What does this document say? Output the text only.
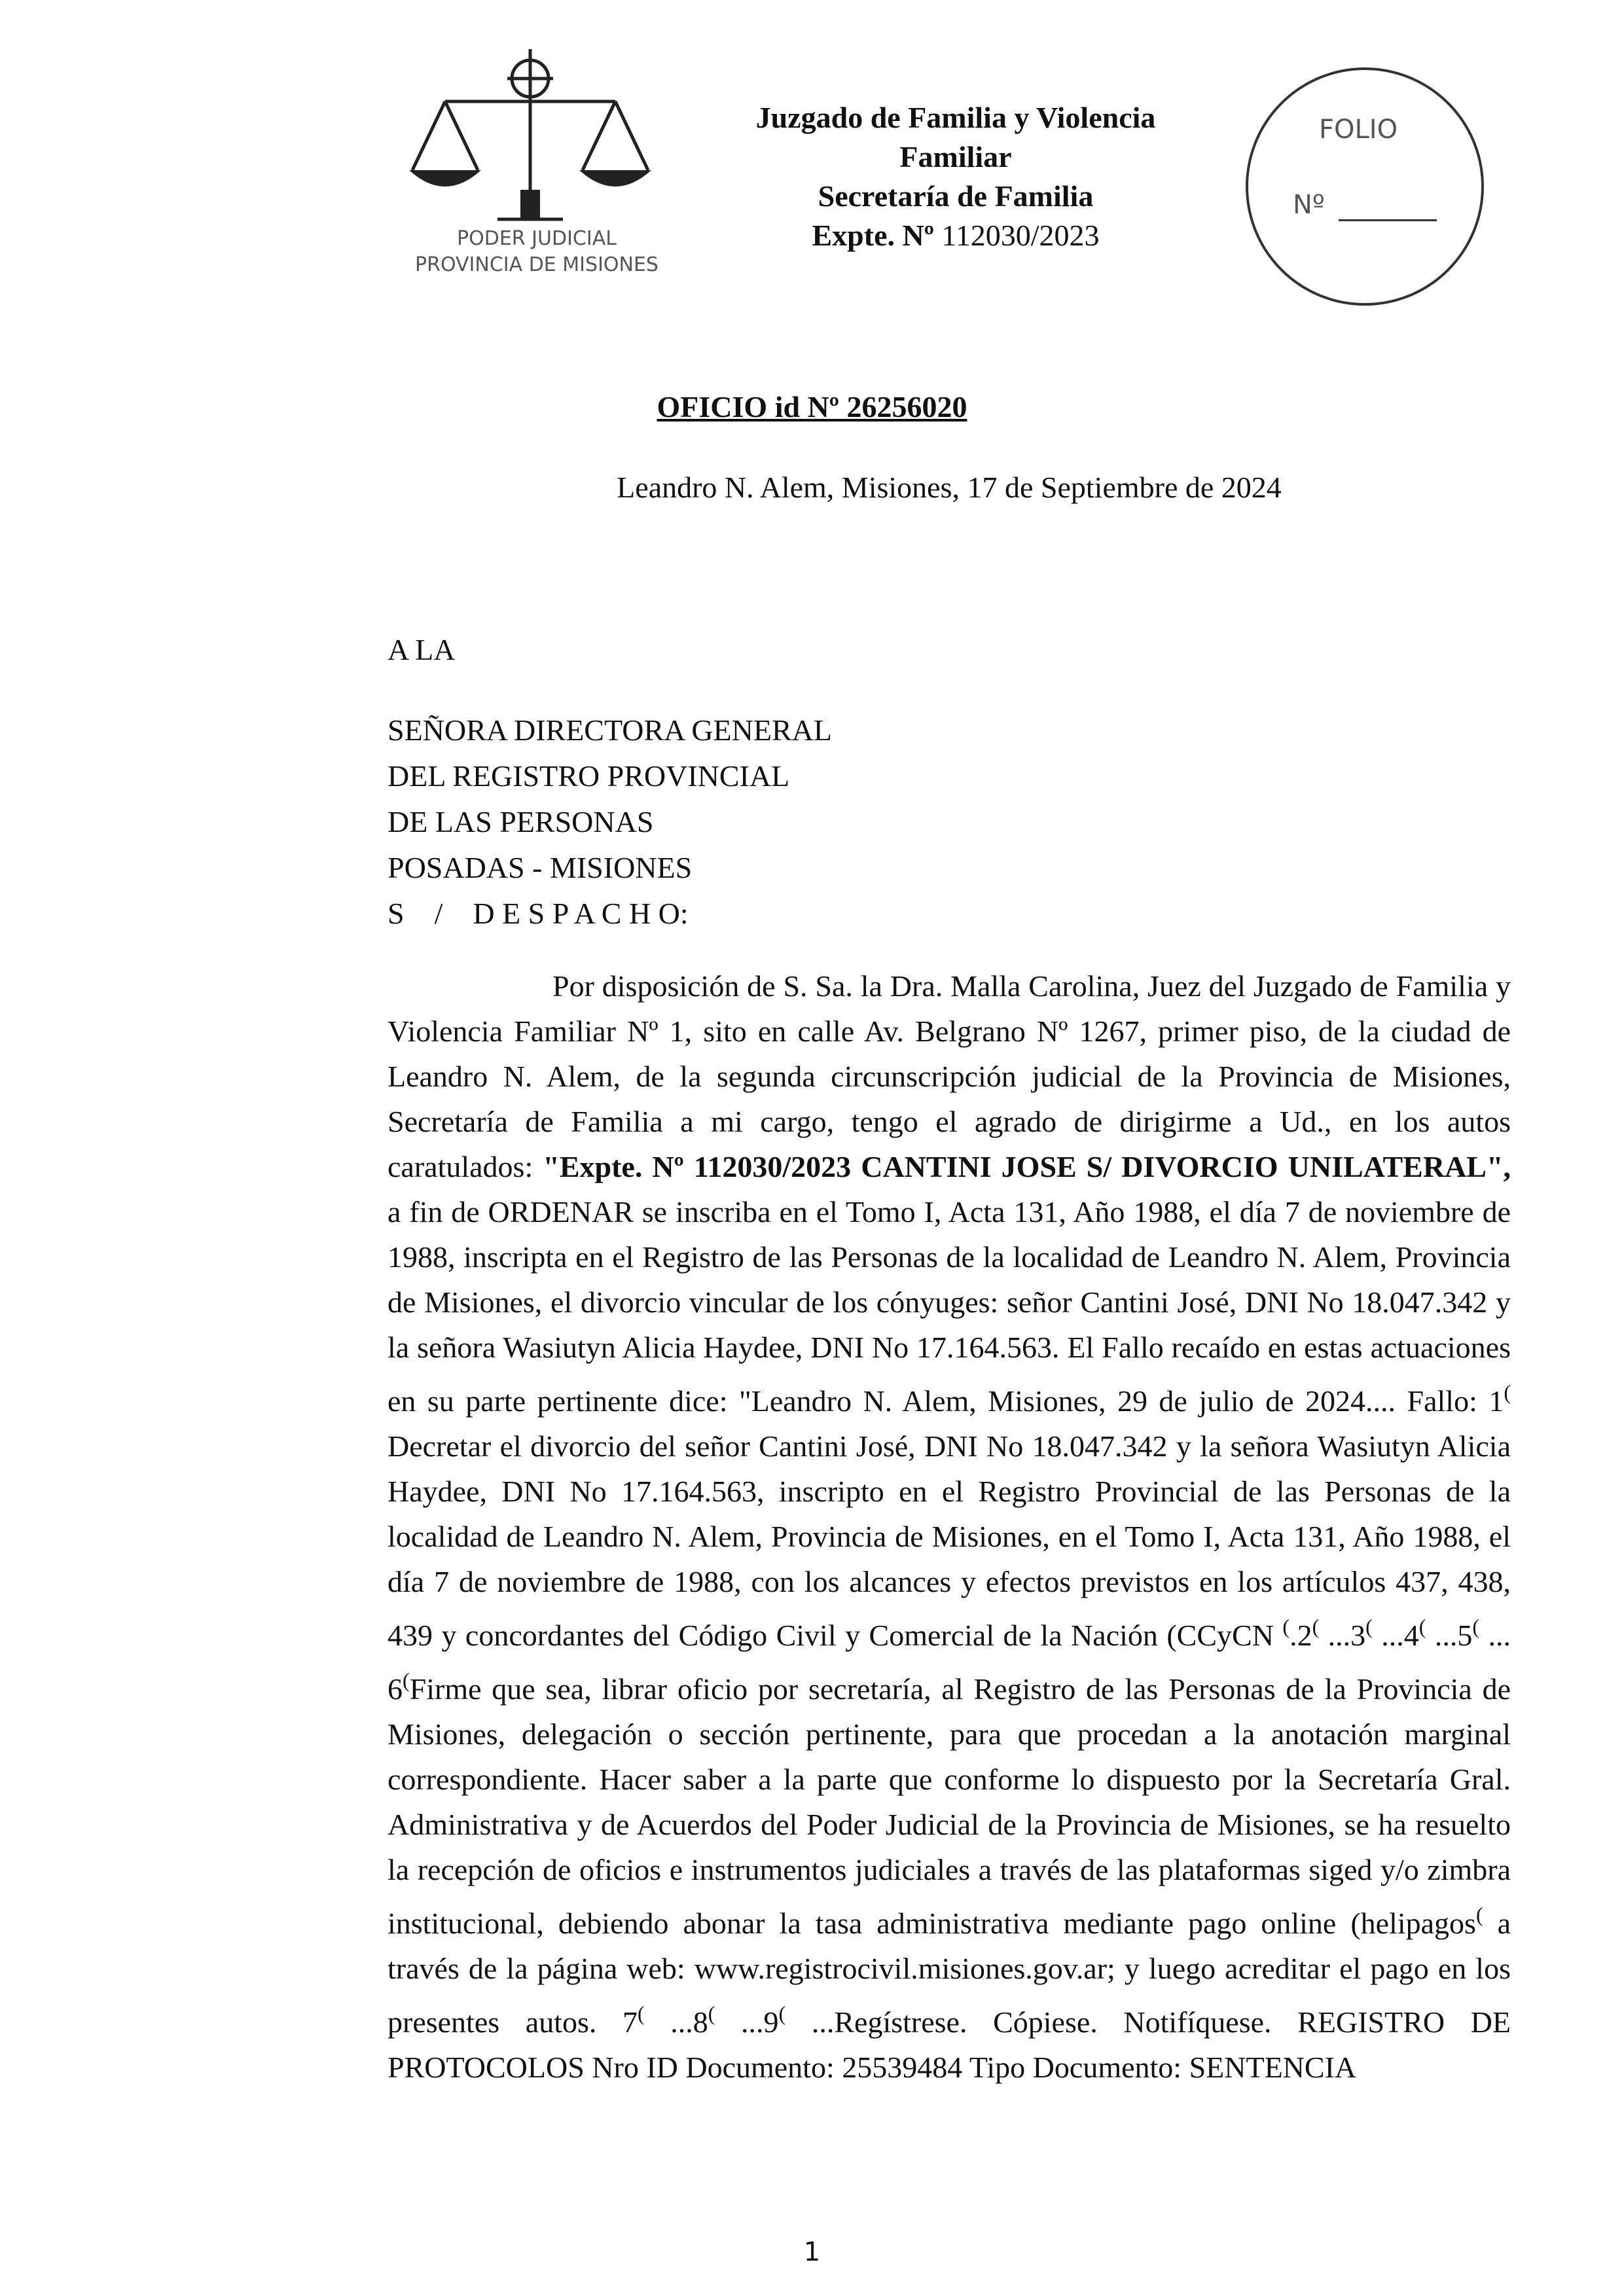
PODER JUDICIAL
PROVINCIA DE MISIONES
Juzgado de Familia y Violencia
Familiar
Secretaría de Familia
Expte. Nº 112030/2023
FOLIO
Nº
OFICIO id Nº 26256020
Leandro N. Alem, Misiones, 17 de Septiembre de 2024
A LA
SEÑORA DIRECTORA GENERAL
DEL REGISTRO PROVINCIAL
DE LAS PERSONAS
POSADAS - MISIONES
S    /    D E S P A C H O:
Por disposición de S. Sa. la Dra. Malla Carolina, Juez del Juzgado de Familia y Violencia Familiar Nº 1, sito en calle Av. Belgrano Nº 1267, primer piso, de la ciudad de Leandro N. Alem, de la segunda circunscripción judicial de la Provincia de Misiones, Secretaría de Familia a mi cargo, tengo el agrado de dirigirme a Ud., en los autos caratulados: "Expte. Nº 112030/2023 CANTINI JOSE S/ DIVORCIO UNILATERAL", a fin de ORDENAR se inscriba en el Tomo I, Acta 131, Año 1988, el día 7 de noviembre de 1988, inscripta en el Registro de las Personas de la localidad de Leandro N. Alem, Provincia de Misiones, el divorcio vincular de los cónyuges: señor Cantini José, DNI No 18.047.342 y la señora Wasiutyn Alicia Haydee, DNI No 17.164.563. El Fallo recaído en estas actuaciones en su parte pertinente dice: "Leandro N. Alem, Misiones, 29 de julio de 2024.... Fallo: 1( Decretar el divorcio del señor Cantini José, DNI No 18.047.342 y la señora Wasiutyn Alicia Haydee, DNI No 17.164.563, inscripto en el Registro Provincial de las Personas de la localidad de Leandro N. Alem, Provincia de Misiones, en el Tomo I, Acta 131, Año 1988, el día 7 de noviembre de 1988, con los alcances y efectos previstos en los artículos 437, 438, 439 y concordantes del Código Civil y Comercial de la Nación (CCyCN (.2( ...3( ...4( ...5( ... 6(Firme que sea, librar oficio por secretaría, al Registro de las Personas de la Provincia de Misiones, delegación o sección pertinente, para que procedan a la anotación marginal correspondiente. Hacer saber a la parte que conforme lo dispuesto por la Secretaría Gral. Administrativa y de Acuerdos del Poder Judicial de la Provincia de Misiones, se ha resuelto la recepción de oficios e instrumentos judiciales a través de las plataformas siged y/o zimbra institucional, debiendo abonar la tasa administrativa mediante pago online (helipagos( a través de la página web: www.registrocivil.misiones.gov.ar; y luego acreditar el pago en los presentes autos. 7( ...8( ...9( ...Regístrese. Cópiese. Notifíquese. REGISTRO DE PROTOCOLOS Nro ID Documento: 25539484 Tipo Documento: SENTENCIA
1
